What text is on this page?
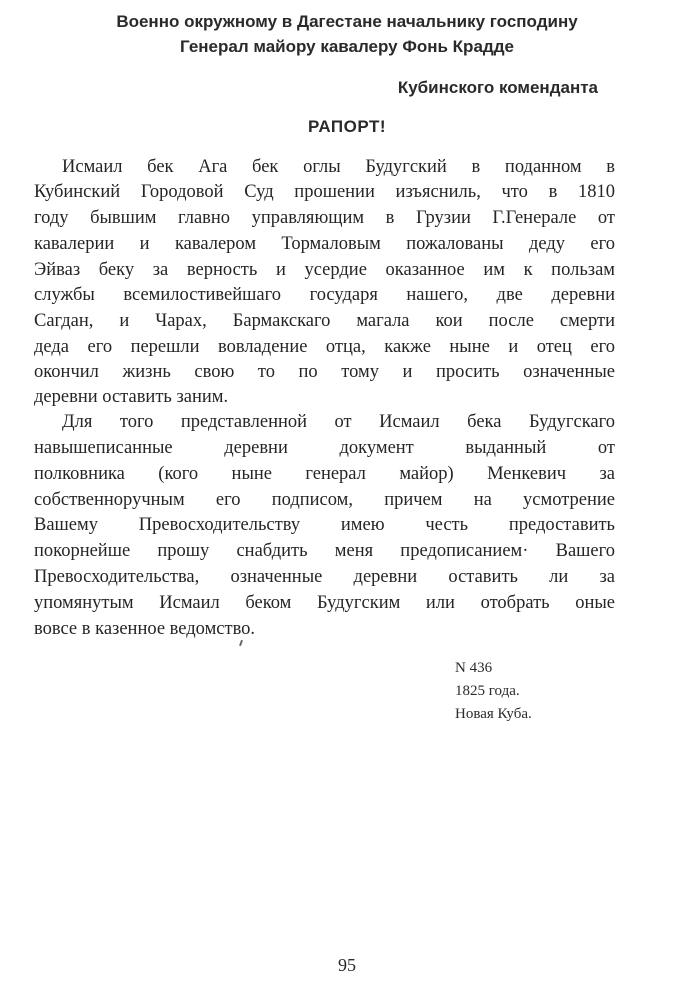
Военно окружному в Дагестане начальнику господину
Генерал майору кавалеру Фонь Крадде
Кубинского коменданта
РАПОРТ!
Исмаил бек Ага бек оглы Будугский в поданном в
Кубинский Городовой Суд прошении изъясниль, что в 1810
году бывшим главно управляющим в Грузии Г.Генерале от
кавалерии и кавалером Тормаловым пожалованы деду его
Эйваз беку за верность и усердие оказанное им к пользам
службы всемилостивейшаго государя нашего, две деревни
Сагдан, и Чарах, Бармакскаго магала кои после смерти
деда его перешли вовладение отца, какже ныне и отец его
окончил жизнь свою то по тому и просить означенные
деревни оставить заним.
Для того представленной от Исмаил бека Будугскаго
навышеписанные деревни документ выданный от
полковника (кого ныне генерал майор) Менкевич за
собственноручным его подписом, причем на усмотрение
Вашему Превосходительству имею честь предоставить
покорнейше прошу снабдить меня предописанием· Вашего
Превосходительства, означенные деревни оставить ли за
упомянутым Исмаил беком Будугским или отобрать оные
вовсе в казенное ведомство.
N 436
1825 года.
Новая Куба.
95
